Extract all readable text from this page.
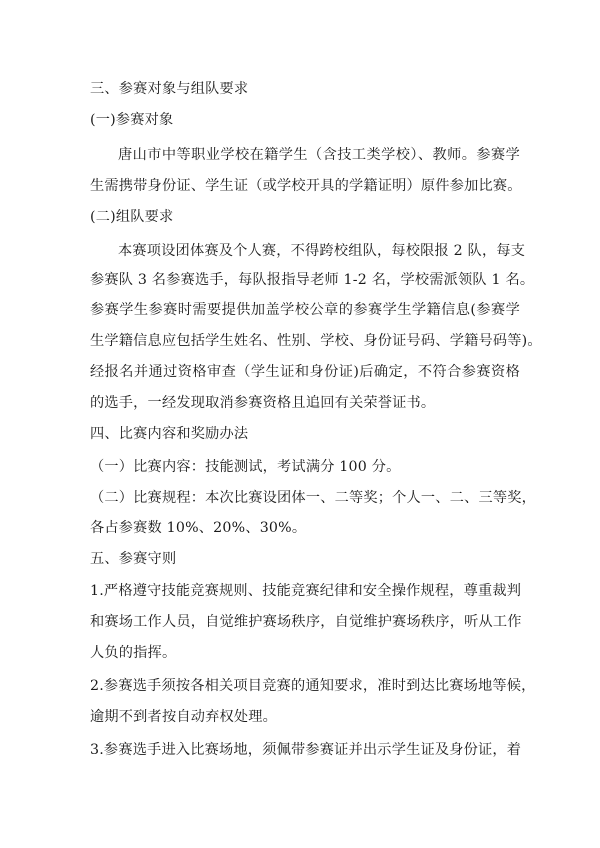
三、参赛对象与组队要求
(一)参赛对象
唐山市中等职业学校在籍学生（含技工类学校）、教师。参赛学
生需携带身份证、学生证（或学校开具的学籍证明）原件参加比赛。
(二)组队要求
本赛项设团体赛及个人赛，不得跨校组队，每校限报 2 队，每支
参赛队 3 名参赛选手，每队报指导老师 1-2 名，学校需派领队 1 名。
参赛学生参赛时需要提供加盖学校公章的参赛学生学籍信息(参赛学
生学籍信息应包括学生姓名、性别、学校、身份证号码、学籍号码等)。
经报名并通过资格审查（学生证和身份证)后确定，不符合参赛资格
的选手，一经发现取消参赛资格且追回有关荣誉证书。
四、比赛内容和奖励办法
（一）比赛内容：技能测试，考试满分 100 分。
（二）比赛规程：本次比赛设团体一、二等奖；个人一、二、三等奖，
各占参赛数 10%、20%、30%。
五、参赛守则
1.严格遵守技能竞赛规则、技能竞赛纪律和安全操作规程，尊重裁判
和赛场工作人员，自觉维护赛场秩序，自觉维护赛场秩序，听从工作
人负的指挥。
2.参赛选手须按各相关项目竞赛的通知要求，准时到达比赛场地等候，
逾期不到者按自动弃权处理。
3.参赛选手进入比赛场地，须佩带参赛证并出示学生证及身份证，着
